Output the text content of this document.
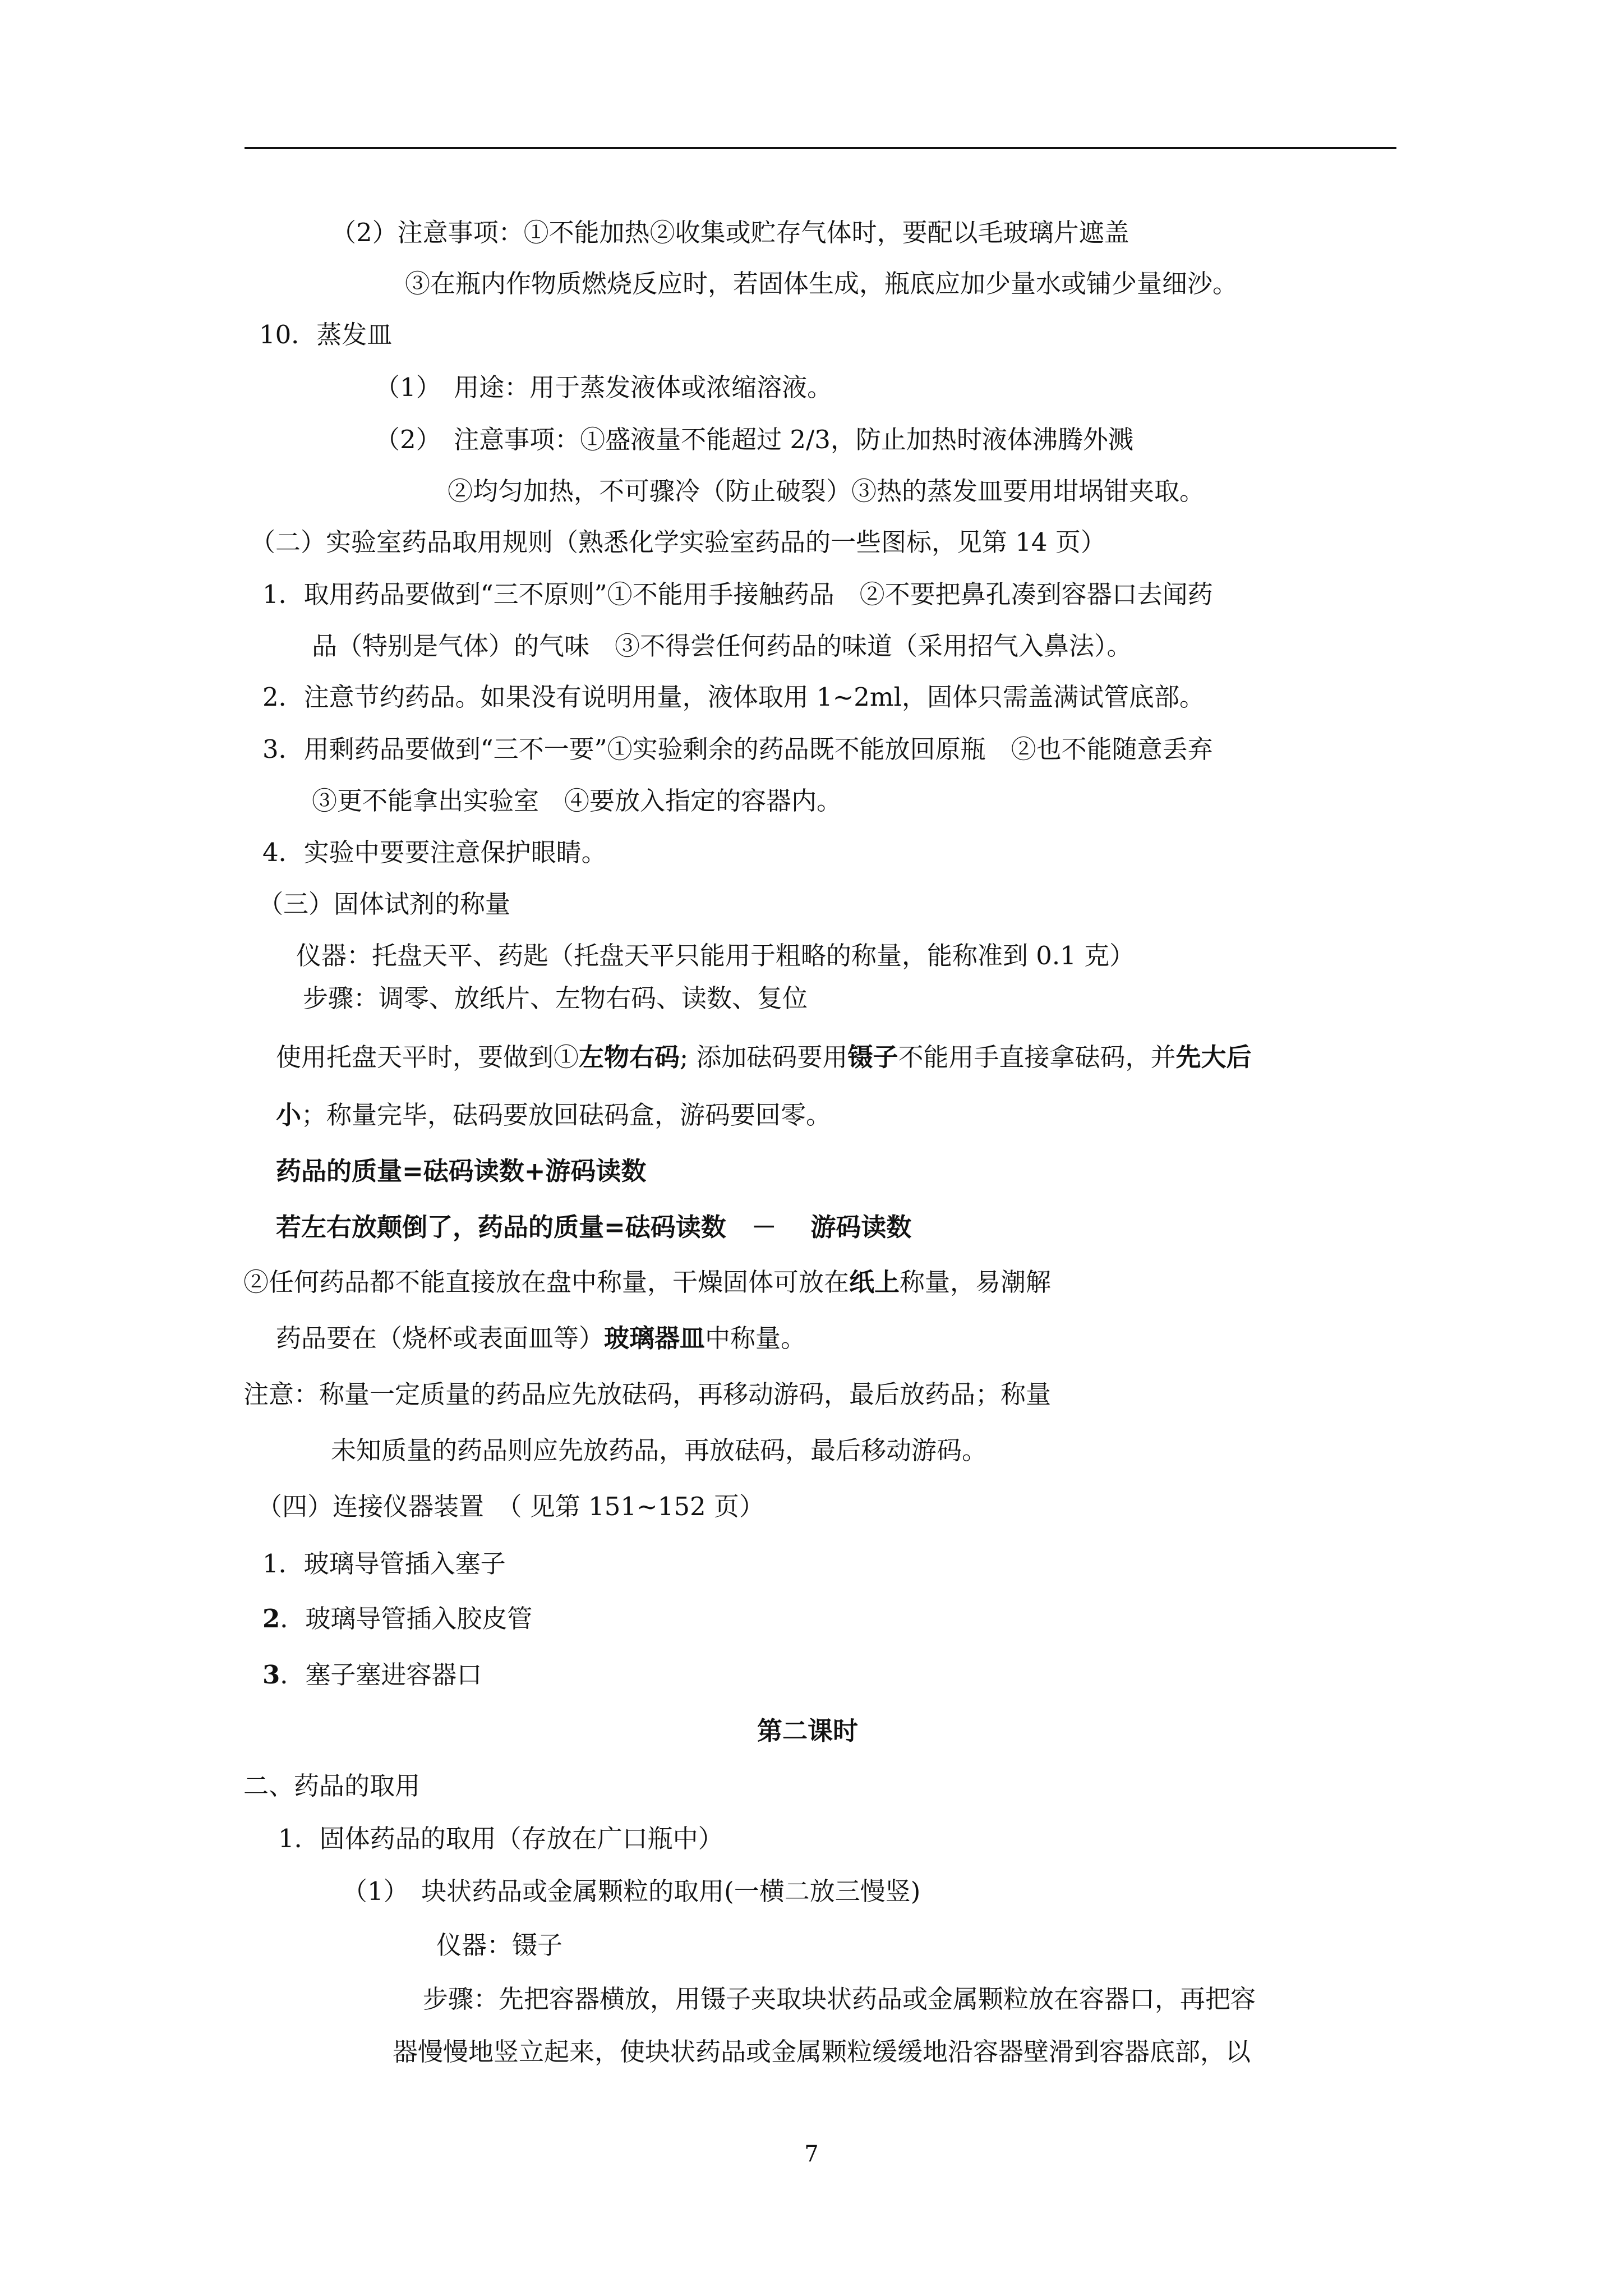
（2）注意事项：①不能加热②收集或贮存气体时，要配以毛玻璃片遮盖
③在瓶内作物质燃烧反应时，若固体生成，瓶底应加少量水或铺少量细沙。
10．蒸发皿
（1）　用途：用于蒸发液体或浓缩溶液。
（2）　注意事项：①盛液量不能超过 2/3，防止加热时液体沸腾外溅
②均匀加热，不可骤冷（防止破裂）③热的蒸发皿要用坩埚钳夹取。
（二）实验室药品取用规则（熟悉化学实验室药品的一些图标，见第 14 页）
1．取用药品要做到“三不原则”①不能用手接触药品　②不要把鼻孔凑到容器口去闻药
品（特别是气体）的气味　③不得尝任何药品的味道（采用招气入鼻法）。
2．注意节约药品。如果没有说明用量，液体取用 1~2ml，固体只需盖满试管底部。
3．用剩药品要做到“三不一要”①实验剩余的药品既不能放回原瓶　②也不能随意丢弃
③更不能拿出实验室　④要放入指定的容器内。
4．实验中要要注意保护眼睛。
（三）固体试剂的称量
仪器：托盘天平、药匙（托盘天平只能用于粗略的称量，能称准到 0.1 克）
步骤：调零、放纸片、左物右码、读数、复位
使用托盘天平时，要做到①左物右码; 添加砝码要用镊子不能用手直接拿砝码，并先大后
小；称量完毕，砝码要放回砝码盒，游码要回零。
药品的质量=砝码读数+游码读数
若左右放颠倒了，药品的质量=砝码读数　－　 游码读数
②任何药品都不能直接放在盘中称量，干燥固体可放在纸上称量，易潮解
药品要在（烧杯或表面皿等）玻璃器皿中称量。
注意：称量一定质量的药品应先放砝码，再移动游码，最后放药品；称量
未知质量的药品则应先放药品，再放砝码，最后移动游码。
（四）连接仪器装置　（ 见第 151~152 页）
1．玻璃导管插入塞子
2．玻璃导管插入胶皮管
3．塞子塞进容器口
第二课时
二、药品的取用
1．固体药品的取用（存放在广口瓶中）
（1）　块状药品或金属颗粒的取用(一横二放三慢竖)
仪器：镊子
步骤：先把容器横放，用镊子夹取块状药品或金属颗粒放在容器口，再把容
器慢慢地竖立起来，使块状药品或金属颗粒缓缓地沿容器壁滑到容器底部，以
7
